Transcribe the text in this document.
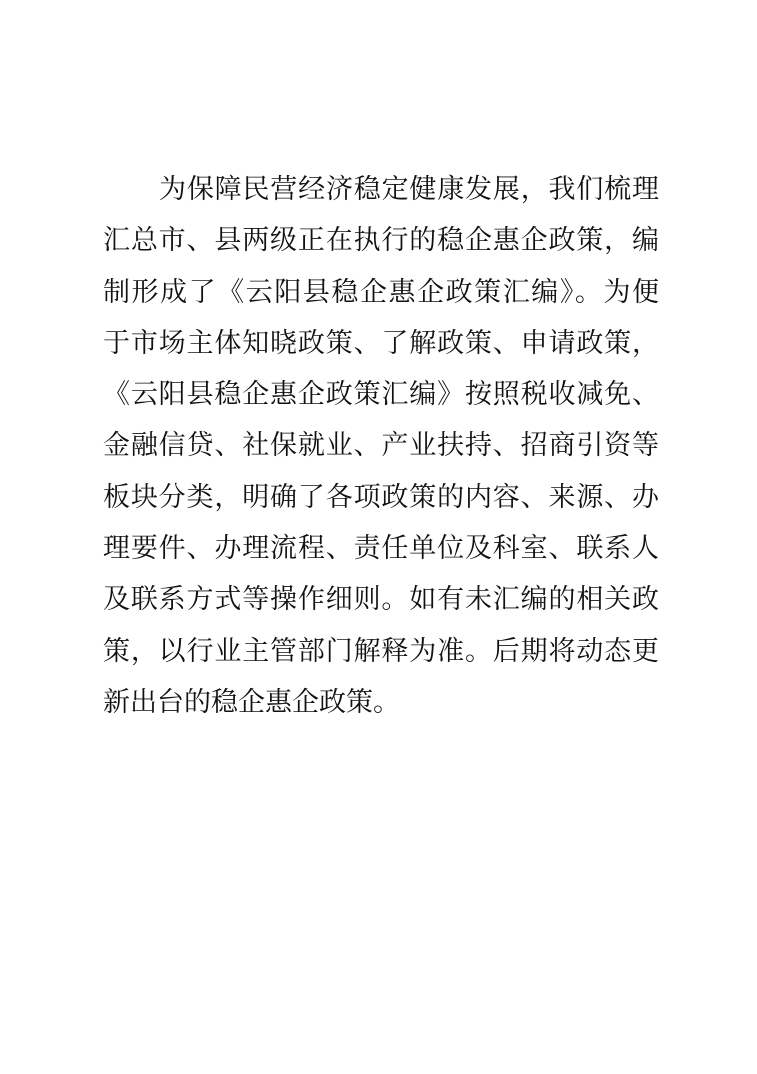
为保障民营经济稳定健康发展，我们梳理
汇总市、县两级正在执行的稳企惠企政策，编
制形成了《云阳县稳企惠企政策汇编》。为便
于市场主体知晓政策、了解政策、申请政策，
《云阳县稳企惠企政策汇编》按照税收减免、
金融信贷、社保就业、产业扶持、招商引资等
板块分类，明确了各项政策的内容、来源、办
理要件、办理流程、责任单位及科室、联系人
及联系方式等操作细则。如有未汇编的相关政
策，以行业主管部门解释为准。后期将动态更
新出台的稳企惠企政策。
